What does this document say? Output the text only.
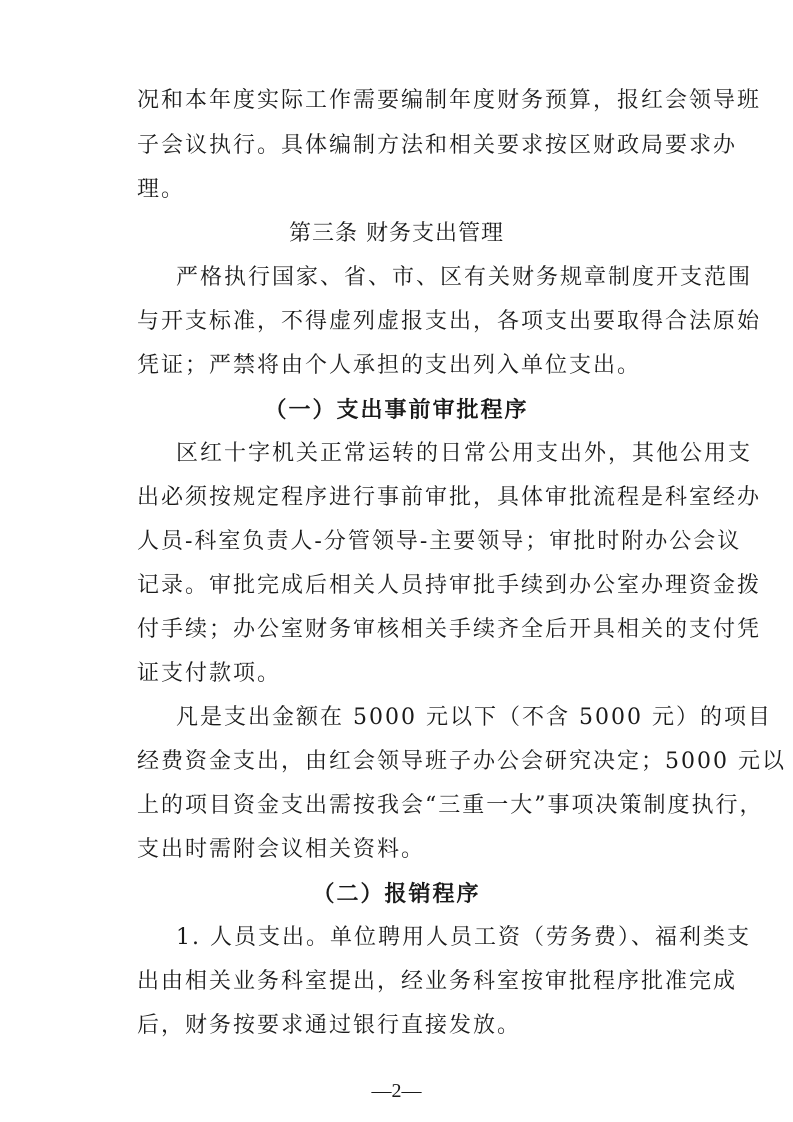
况和本年度实际工作需要编制年度财务预算，报红会领导班
子会议执行。具体编制方法和相关要求按区财政局要求办
理。
第三条 财务支出管理
严格执行国家、省、市、区有关财务规章制度开支范围
与开支标准，不得虚列虚报支出，各项支出要取得合法原始
凭证；严禁将由个人承担的支出列入单位支出。
（一）支出事前审批程序
区红十字机关正常运转的日常公用支出外，其他公用支
出必须按规定程序进行事前审批，具体审批流程是科室经办
人员-科室负责人-分管领导-主要领导；审批时附办公会议
记录。审批完成后相关人员持审批手续到办公室办理资金拨
付手续；办公室财务审核相关手续齐全后开具相关的支付凭
证支付款项。
凡是支出金额在 5000 元以下（不含 5000 元）的项目
经费资金支出，由红会领导班子办公会研究决定；5000 元以
上的项目资金支出需按我会“三重一大”事项决策制度执行，
支出时需附会议相关资料。
（二）报销程序
1. 人员支出。单位聘用人员工资（劳务费）、福利类支
出由相关业务科室提出，经业务科室按审批程序批准完成
后，财务按要求通过银行直接发放。
—2—
